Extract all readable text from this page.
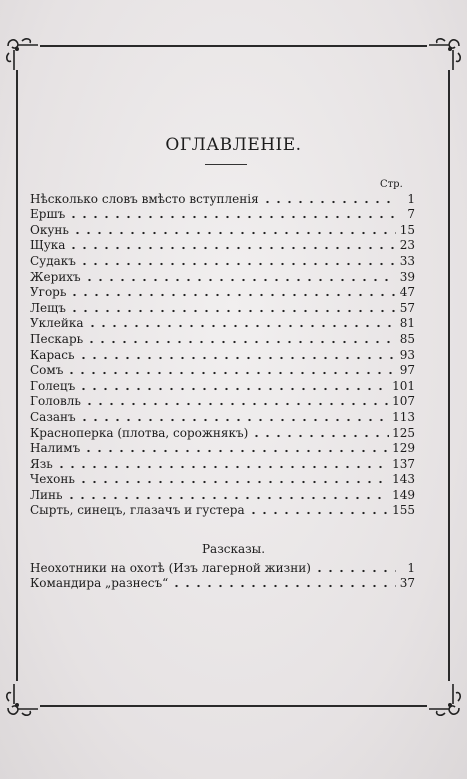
ОГЛАВЛЕНIЕ.
Стр.
Нѣсколько словъ вмѣсто вступленія	1
Ершъ	7
Окунь	15
Щука	23
Судакъ	33
Жерихъ	39
Угорь	47
Лещъ	57
Уклейка	81
Пескарь	85
Карась	93
Сомъ	97
Голецъ	101
Головль	107
Сазанъ	113
Красноперка (плотва, сорожнякъ)	125
Налимъ	129
Язь	137
Чехонь	143
Линь	149
Сырть, синецъ, глазачъ и густера	155
Разсказы.
Неохотники на охотѣ (Изъ лагерной жизни)	1
Командира „разнесъ“	37
